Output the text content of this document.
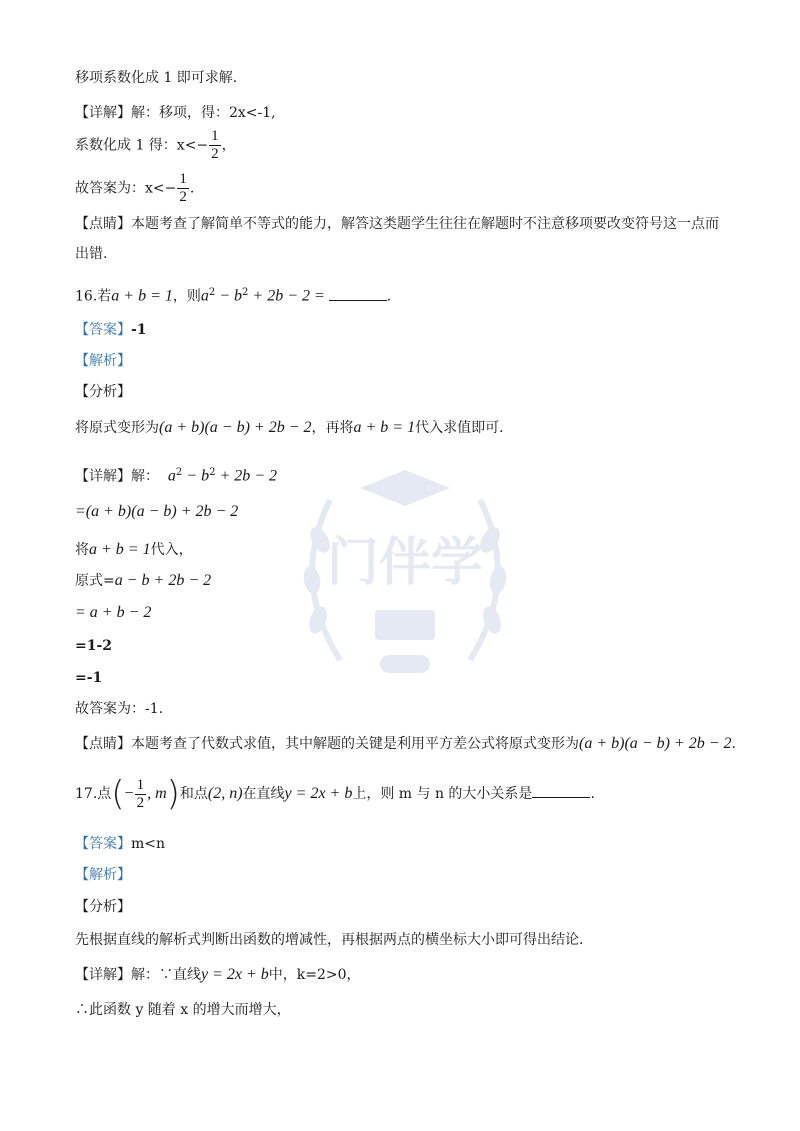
门伴学
移项系数化成 1 即可求解.
【详解】解：移项，得：2x<-1,
系数化成 1 得：$x<- \frac{1}{2}$ ，
故答案为：$x<- \frac{1}{2}$ .
【点睛】本题考查了解简单不等式的能力，解答这类题学生往往在解题时不注意移项要改变符号这一点而
出错.
16.若a + b = 1，则$a^2 - b^2 + 2b - 2$ =	.
【答案】-1
【解析】
【分析】
将原式变形为(a + b)(a − b) + 2b − 2，再将a + b = 1代入求值即可.
【详解】解： $a^2 - b^2 + 2b - 2$
=(a + b)(a − b) + 2b − 2
将a + b = 1代入，
原式=a − b + 2b − 2
= a + b − 2
=1-2
=-1
故答案为：-1.
【点睛】本题考查了代数式求值，其中解题的关键是利用平方差公式将原式变形为(a + b)(a − b) + 2b − 2.
17.点(− $\frac{1}{2}$ , m)和点(2, n)在直线y = 2x + b上，则 m 与 n 的大小关系是	.
【答案】m<n
【解析】
【分析】
先根据直线的解析式判断出函数的增减性，再根据两点的横坐标大小即可得出结论.
【详解】解：∵直线y = 2x + b中，k=2>0，
∴此函数 y 随着 x 的增大而增大，
